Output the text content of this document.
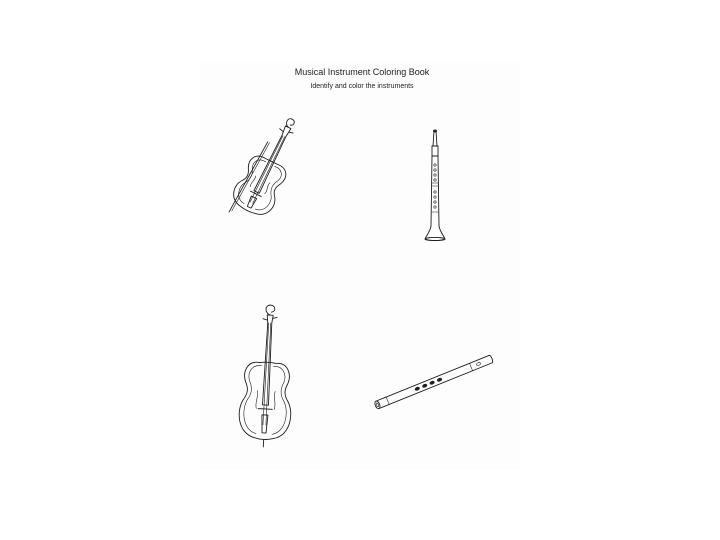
Musical Instrument Coloring Book
Identify and color the instruments
